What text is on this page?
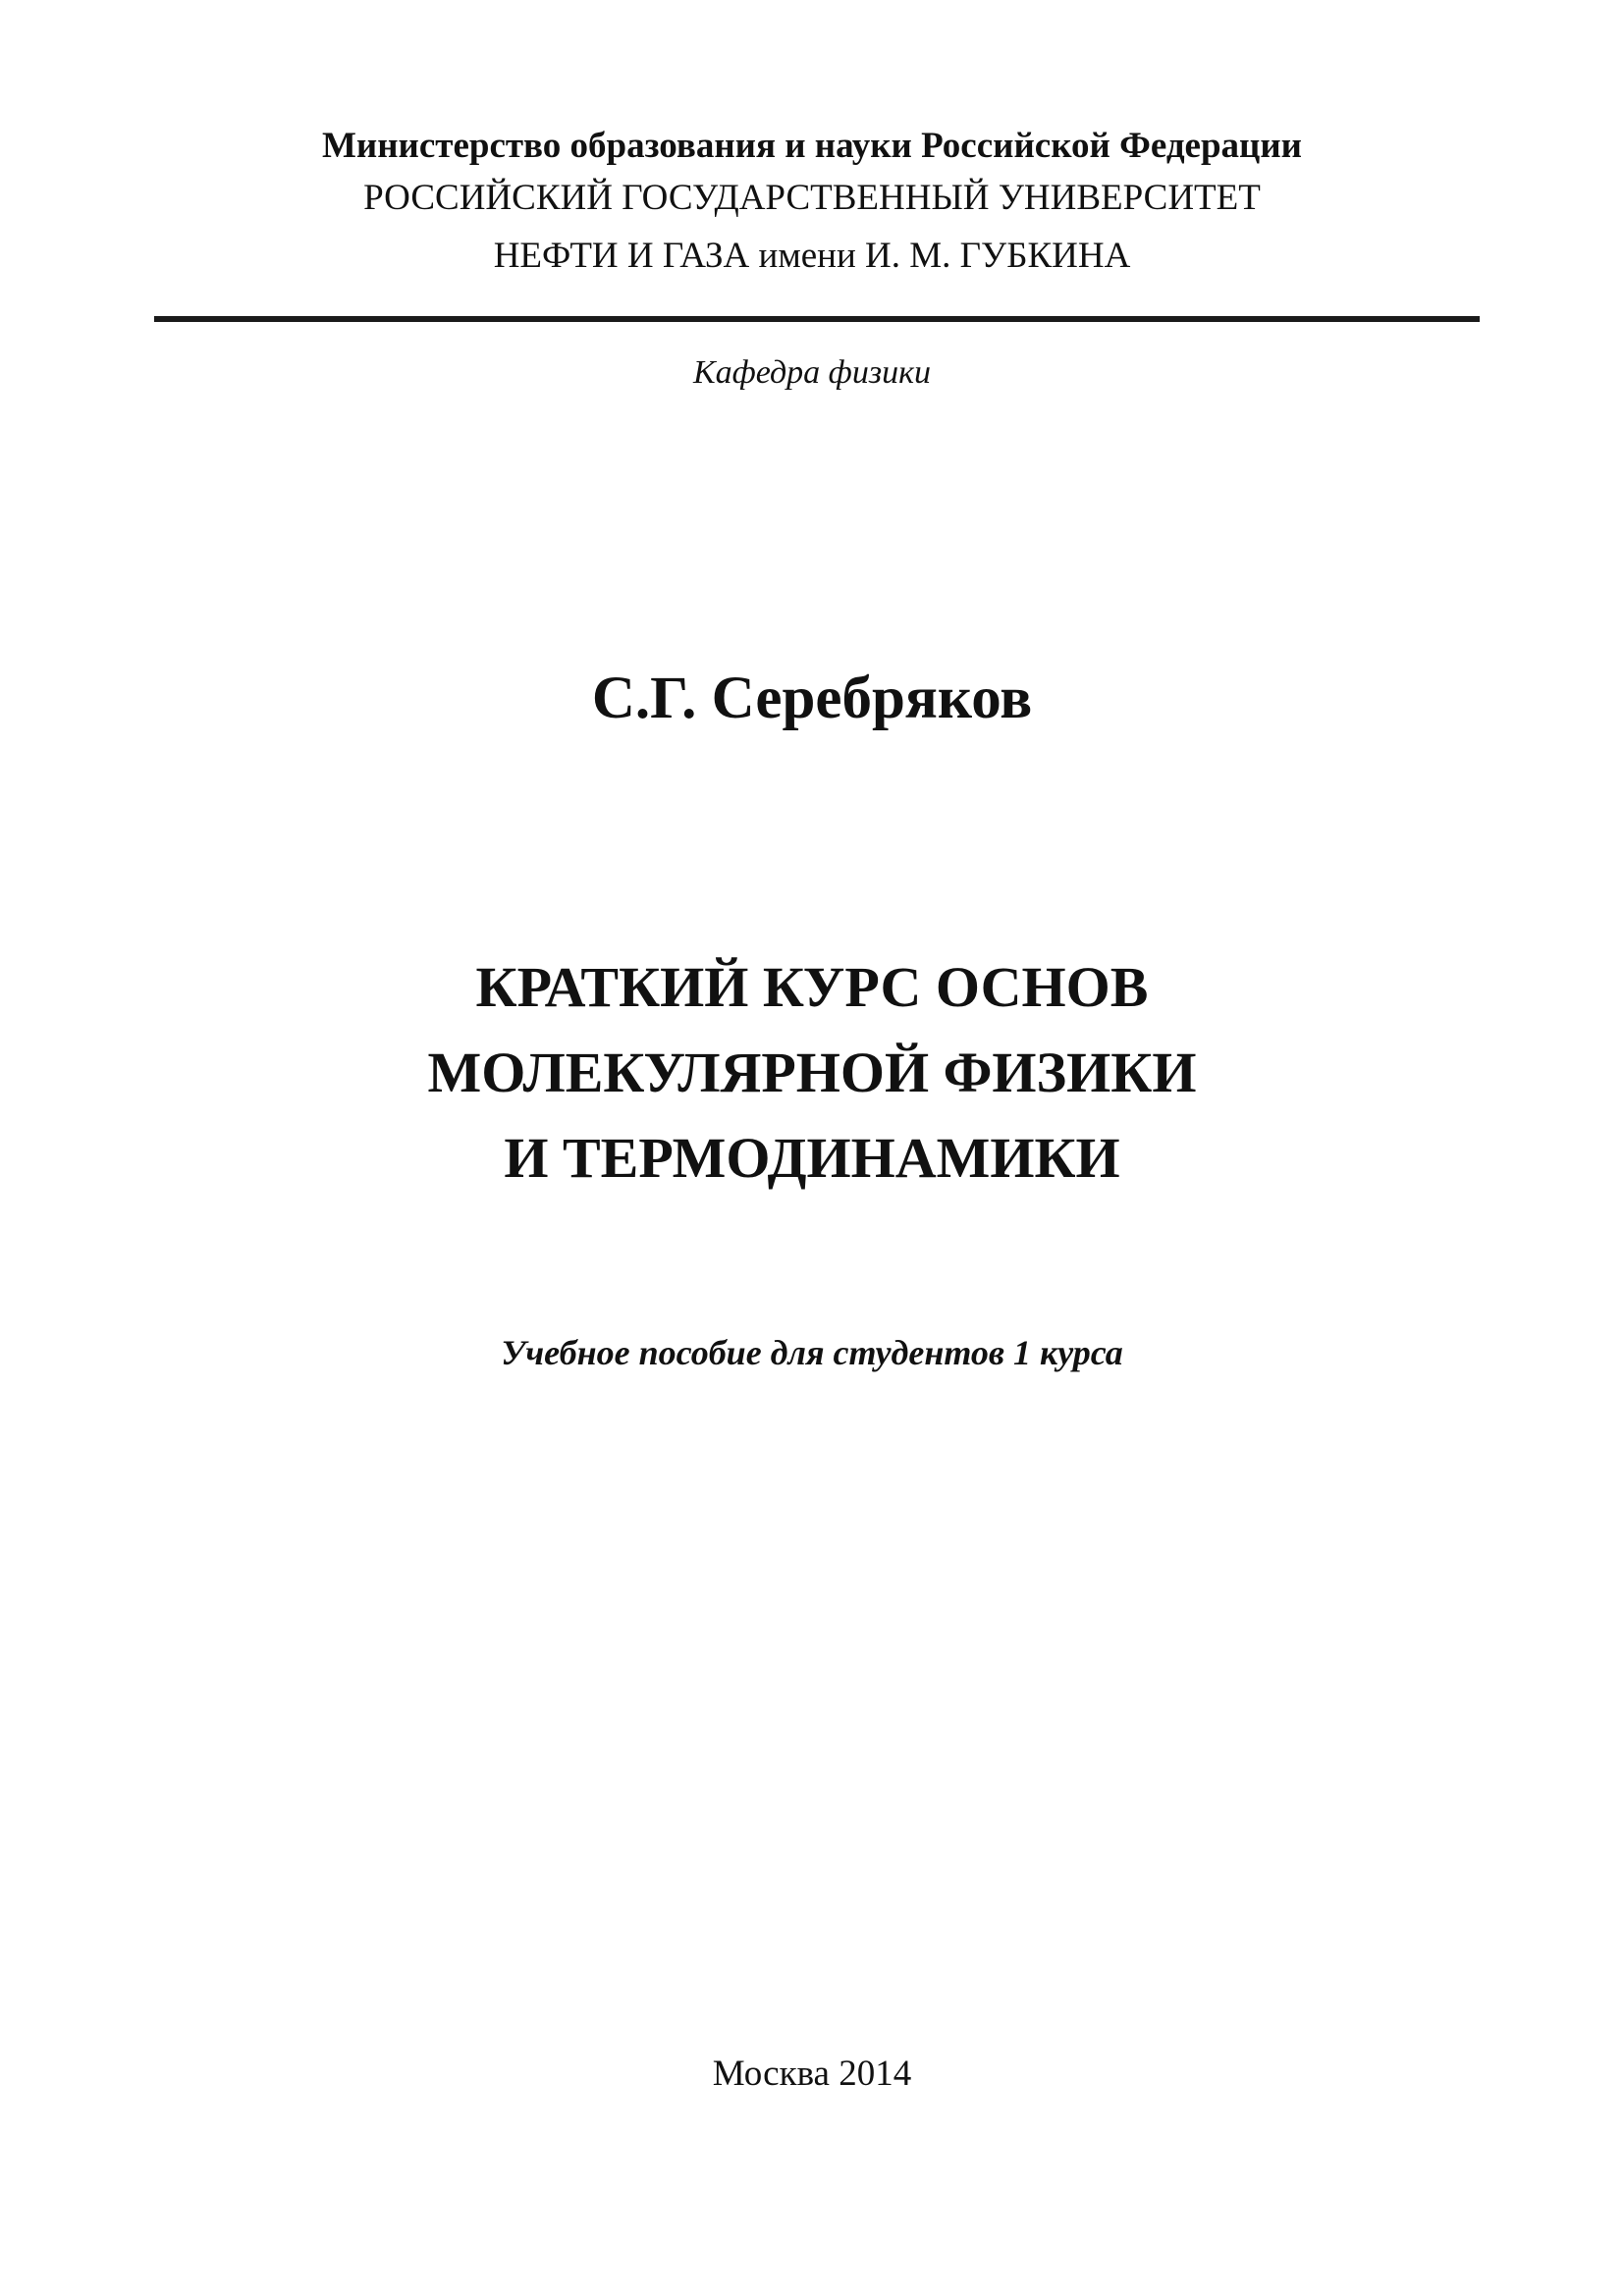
Министерство образования и науки Российской Федерации
РОССИЙСКИЙ ГОСУДАРСТВЕННЫЙ УНИВЕРСИТЕТ
НЕФТИ И ГАЗА имени И. М. ГУБКИНА
Кафедра физики
С.Г. Серебряков
КРАТКИЙ КУРС ОСНОВ
МОЛЕКУЛЯРНОЙ ФИЗИКИ
И ТЕРМОДИНАМИКИ
Учебное пособие для студентов 1 курса
Москва 2014
